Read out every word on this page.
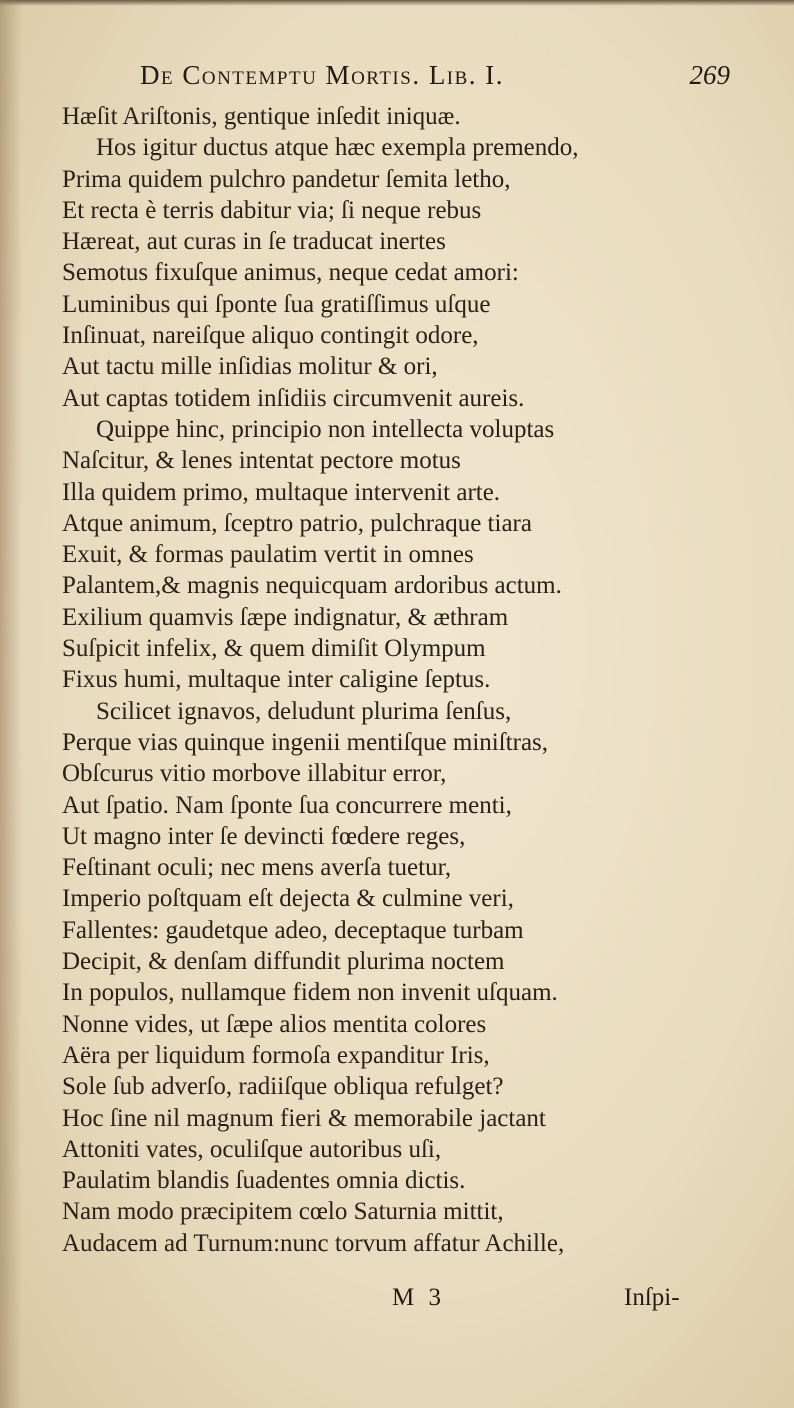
De Contemptu Mortis. Lib. I.	269
Hæſit Ariſtonis, gentique inſedit iniquæ.
Hos igitur ductus atque hæc exempla premendo,
Prima quidem pulchro pandetur ſemita letho,
Et recta è terris dabitur via; ſi neque rebus
Hæreat, aut curas in ſe traducat inertes
Semotus fixuſque animus, neque cedat amori:
Luminibus qui ſponte ſua gratiſſimus uſque
Inſinuat, nareiſque aliquo contingit odore,
Aut tactu mille inſidias molitur & ori,
Aut captas totidem inſidiis circumvenit aureis.
Quippe hinc, principio non intellecta voluptas
Naſcitur, & lenes intentat pectore motus
Illa quidem primo, multaque intervenit arte.
Atque animum, ſceptro patrio, pulchraque tiara
Exuit, & formas paulatim vertit in omnes
Palantem,& magnis nequicquam ardoribus actum.
Exilium quamvis ſæpe indignatur, & æthram
Suſpicit infelix, & quem dimiſit Olympum
Fixus humi, multaque inter caligine ſeptus.
Scilicet ignavos, deludunt plurima ſenſus,
Perque vias quinque ingenii mentiſque miniſtras,
Obſcurus vitio morbove illabitur error,
Aut ſpatio. Nam ſponte ſua concurrere menti,
Ut magno inter ſe devincti fœdere reges,
Feſtinant oculi; nec mens averſa tuetur,
Imperio poſtquam eſt dejecta & culmine veri,
Fallentes: gaudetque adeo, deceptaque turbam
Decipit, & denſam diffundit plurima noctem
In populos, nullamque fidem non invenit uſquam.
Nonne vides, ut ſæpe alios mentita colores
Aëra per liquidum formoſa expanditur Iris,
Sole ſub adverſo, radiiſque obliqua refulget?
Hoc ſine nil magnum fieri & memorabile jactant
Attoniti vates, oculiſque autoribus uſi,
Paulatim blandis ſuadentes omnia dictis.
Nam modo præcipitem cœlo Saturnia mittit,
Audacem ad Turnum:nunc torvum affatur Achille,
M 3	Inſpi-
